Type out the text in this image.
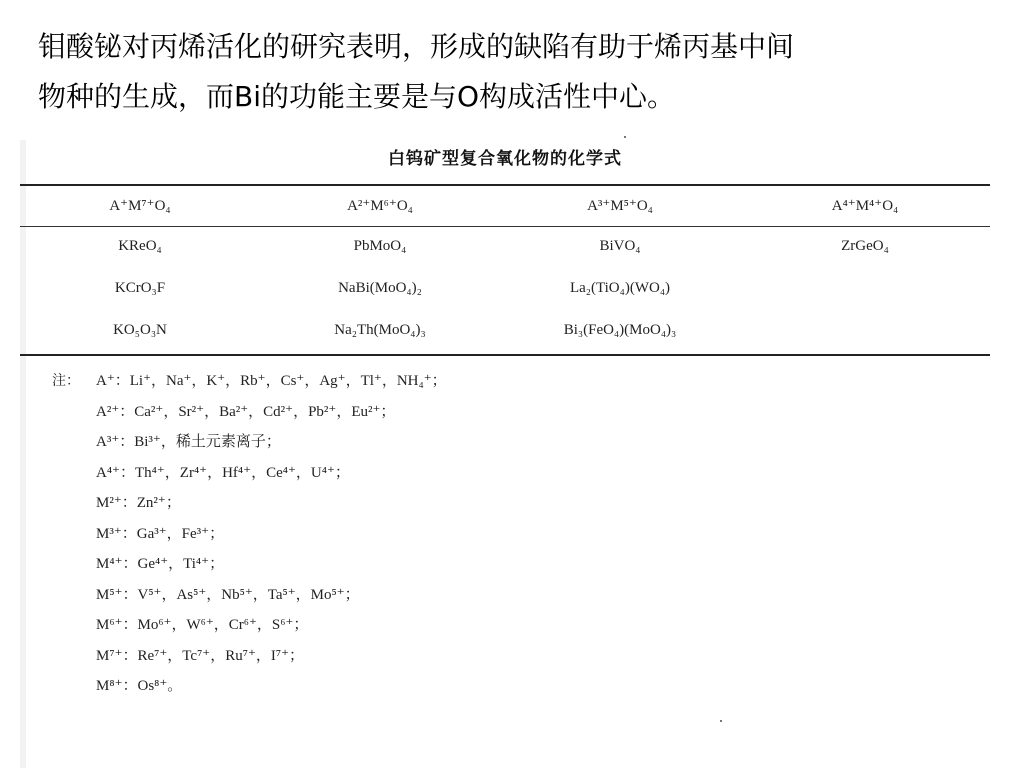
钼酸铋对丙烯活化的研究表明，形成的缺陷有助于烯丙基中间

物种的生成，而Bi的功能主要是与O构成活性中心。

白钨矿型复合氧化物的化学式
A⁺M⁷⁺O₄	A²⁺M⁶⁺O₄	A³⁺M⁵⁺O₄	A⁴⁺M⁴⁺O₄
KReO₄	PbMoO₄	BiVO₄	ZrGeO₄
KCrO₃F	NaBi(MoO₄)₂	La₂(TiO₄)(WO₄)
KO₅O₃N	Na₂Th(MoO₄)₃	Bi₃(FeO₄)(MoO₄)₃
注： A⁺：Li⁺，Na⁺，K⁺，Rb⁺，Cs⁺，Ag⁺，Tl⁺，NH₄⁺；
A²⁺：Ca²⁺，Sr²⁺，Ba²⁺，Cd²⁺，Pb²⁺，Eu²⁺；
A³⁺：Bi³⁺，稀土元素离子；
A⁴⁺：Th⁴⁺，Zr⁴⁺，Hf⁴⁺，Ce⁴⁺，U⁴⁺；
M²⁺：Zn²⁺；
M³⁺：Ga³⁺，Fe³⁺；
M⁴⁺：Ge⁴⁺，Ti⁴⁺；
M⁵⁺：V⁵⁺，As⁵⁺，Nb⁵⁺，Ta⁵⁺，Mo⁵⁺；
M⁶⁺：Mo⁶⁺，W⁶⁺，Cr⁶⁺，S⁶⁺；
M⁷⁺：Re⁷⁺，Tc⁷⁺，Ru⁷⁺，I⁷⁺；
M⁸⁺：Os⁸⁺。
